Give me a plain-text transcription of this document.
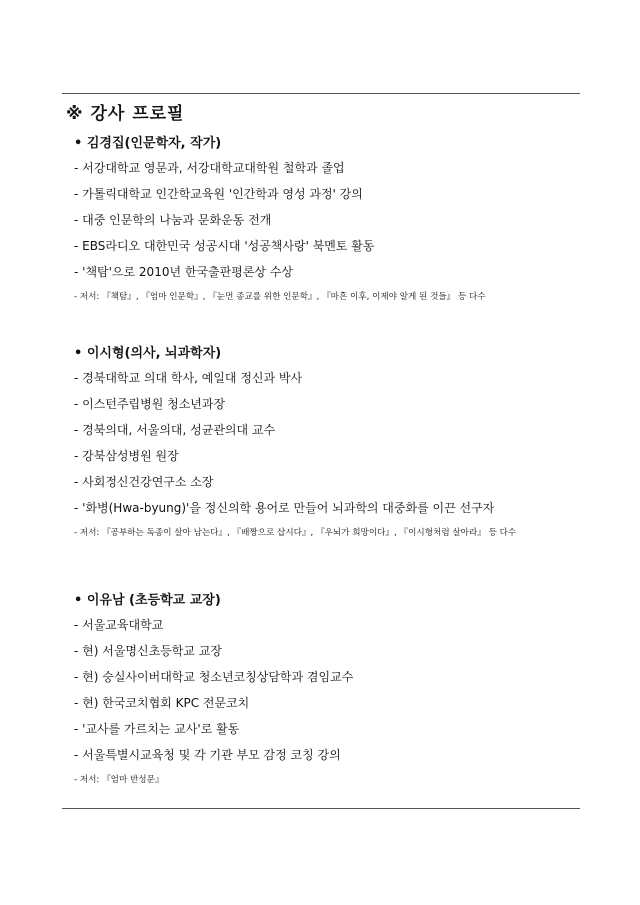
※ 강사 프로필
• 김경집(인문학자, 작가)
- 서강대학교 영문과, 서강대학교대학원 철학과 졸업
- 가톨릭대학교 인간학교육원 '인간학과 영성 과정' 강의
- 대중 인문학의 나눔과 문화운동 전개
- EBS라디오 대한민국 성공시대 '성공책사랑' 북멘토 활동
- '책탐'으로 2010년 한국출판평론상 수상
- 저서: 『책탐』, 『엄마 인문학』, 『눈먼 종교를 위한 인문학』, 『마흔 이후, 이제야 알게 된 것들』 등 다수
• 이시형(의사, 뇌과학자)
- 경북대학교 의대 학사, 예일대 정신과 박사
- 이스턴주립병원 청소년과장
- 경북의대, 서울의대, 성균관의대 교수
- 강북삼성병원 원장
- 사회정신건강연구소 소장
- '화병(Hwa-byung)'을 정신의학 용어로 만들어 뇌과학의 대중화를 이끈 선구자
- 저서: 『공부하는 독종이 살아 남는다』, 『배짱으로 삽시다』, 『우뇌가 희망이다』, 『이시형처럼 살아라』 등 다수
• 이유남 (초등학교 교장)
- 서울교육대학교
- 현) 서울명신초등학교 교장
- 현) 숭실사이버대학교 청소년코칭상담학과 겸임교수
- 현) 한국코치협회 KPC 전문코치
- '교사를 가르치는 교사'로 활동
- 서울특별시교육청 및 각 기관 부모 감정 코칭 강의
- 저서: 『엄마 반성문』
